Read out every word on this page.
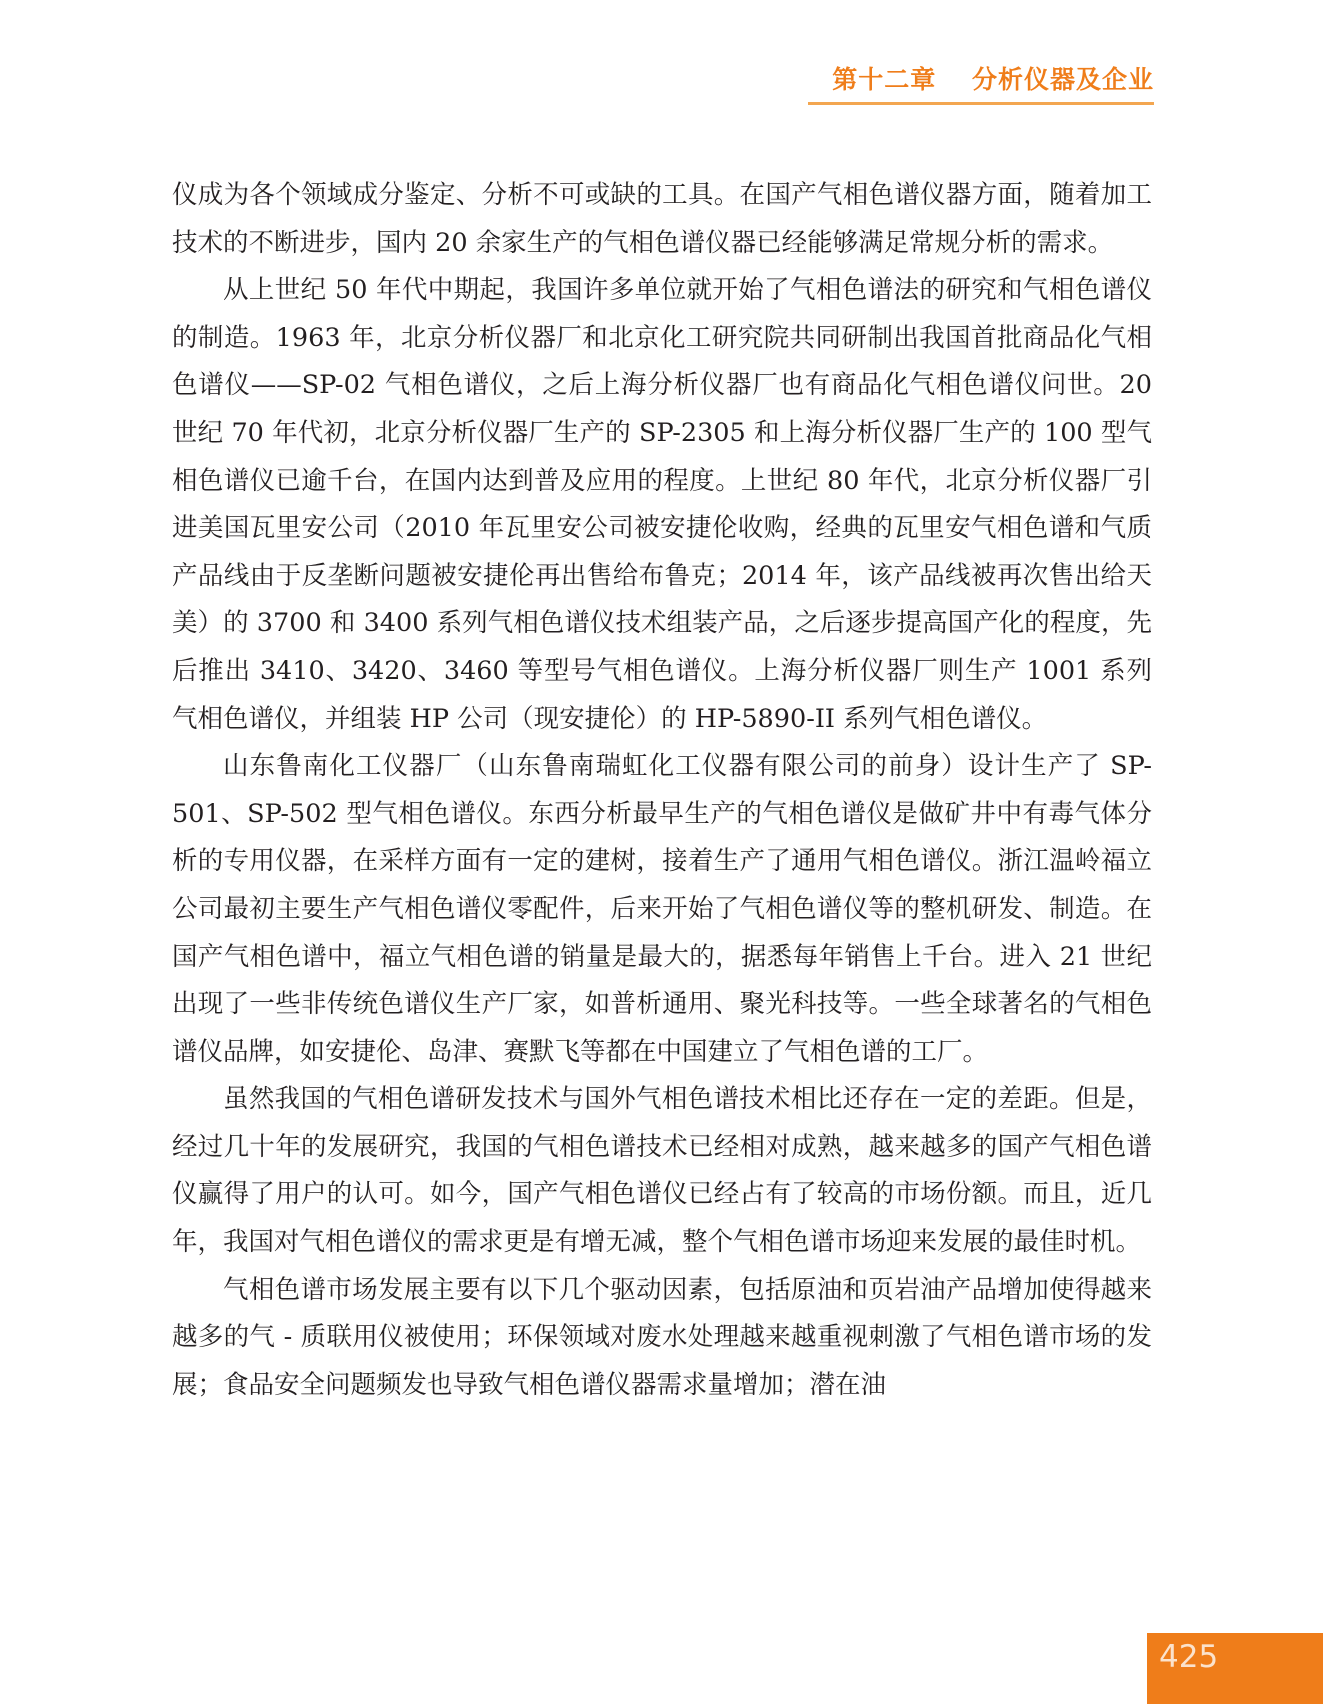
第十二章 分析仪器及企业

仪成为各个领域成分鉴定、分析不可或缺的工具。在国产气相色谱仪器方面，随着加工技术的不断进步，国内 20 余家生产的气相色谱仪器已经能够满足常规分析的需求。

从上世纪 50 年代中期起，我国许多单位就开始了气相色谱法的研究和气相色谱仪的制造。1963 年，北京分析仪器厂和北京化工研究院共同研制出我国首批商品化气相色谱仪——SP-02 气相色谱仪，之后上海分析仪器厂也有商品化气相色谱仪问世。20 世纪 70 年代初，北京分析仪器厂生产的 SP-2305 和上海分析仪器厂生产的 100 型气相色谱仪已逾千台，在国内达到普及应用的程度。上世纪 80 年代，北京分析仪器厂引进美国瓦里安公司（2010 年瓦里安公司被安捷伦收购，经典的瓦里安气相色谱和气质产品线由于反垄断问题被安捷伦再出售给布鲁克；2014 年，该产品线被再次售出给天美）的 3700 和 3400 系列气相色谱仪技术组装产品，之后逐步提高国产化的程度，先后推出 3410、3420、3460 等型号气相色谱仪。上海分析仪器厂则生产 1001 系列气相色谱仪，并组装 HP 公司（现安捷伦）的 HP-5890-II 系列气相色谱仪。

山东鲁南化工仪器厂（山东鲁南瑞虹化工仪器有限公司的前身）设计生产了 SP-501、SP-502 型气相色谱仪。东西分析最早生产的气相色谱仪是做矿井中有毒气体分析的专用仪器，在采样方面有一定的建树，接着生产了通用气相色谱仪。浙江温岭福立公司最初主要生产气相色谱仪零配件，后来开始了气相色谱仪等的整机研发、制造。在国产气相色谱中，福立气相色谱的销量是最大的，据悉每年销售上千台。进入 21 世纪出现了一些非传统色谱仪生产厂家，如普析通用、聚光科技等。一些全球著名的气相色谱仪品牌，如安捷伦、岛津、赛默飞等都在中国建立了气相色谱的工厂。

虽然我国的气相色谱研发技术与国外气相色谱技术相比还存在一定的差距。但是，经过几十年的发展研究，我国的气相色谱技术已经相对成熟，越来越多的国产气相色谱仪赢得了用户的认可。如今，国产气相色谱仪已经占有了较高的市场份额。而且，近几年，我国对气相色谱仪的需求更是有增无减，整个气相色谱市场迎来发展的最佳时机。

气相色谱市场发展主要有以下几个驱动因素，包括原油和页岩油产品增加使得越来越多的气 - 质联用仪被使用；环保领域对废水处理越来越重视刺激了气相色谱市场的发展；食品安全问题频发也导致气相色谱仪器需求量增加；潜在油

425
